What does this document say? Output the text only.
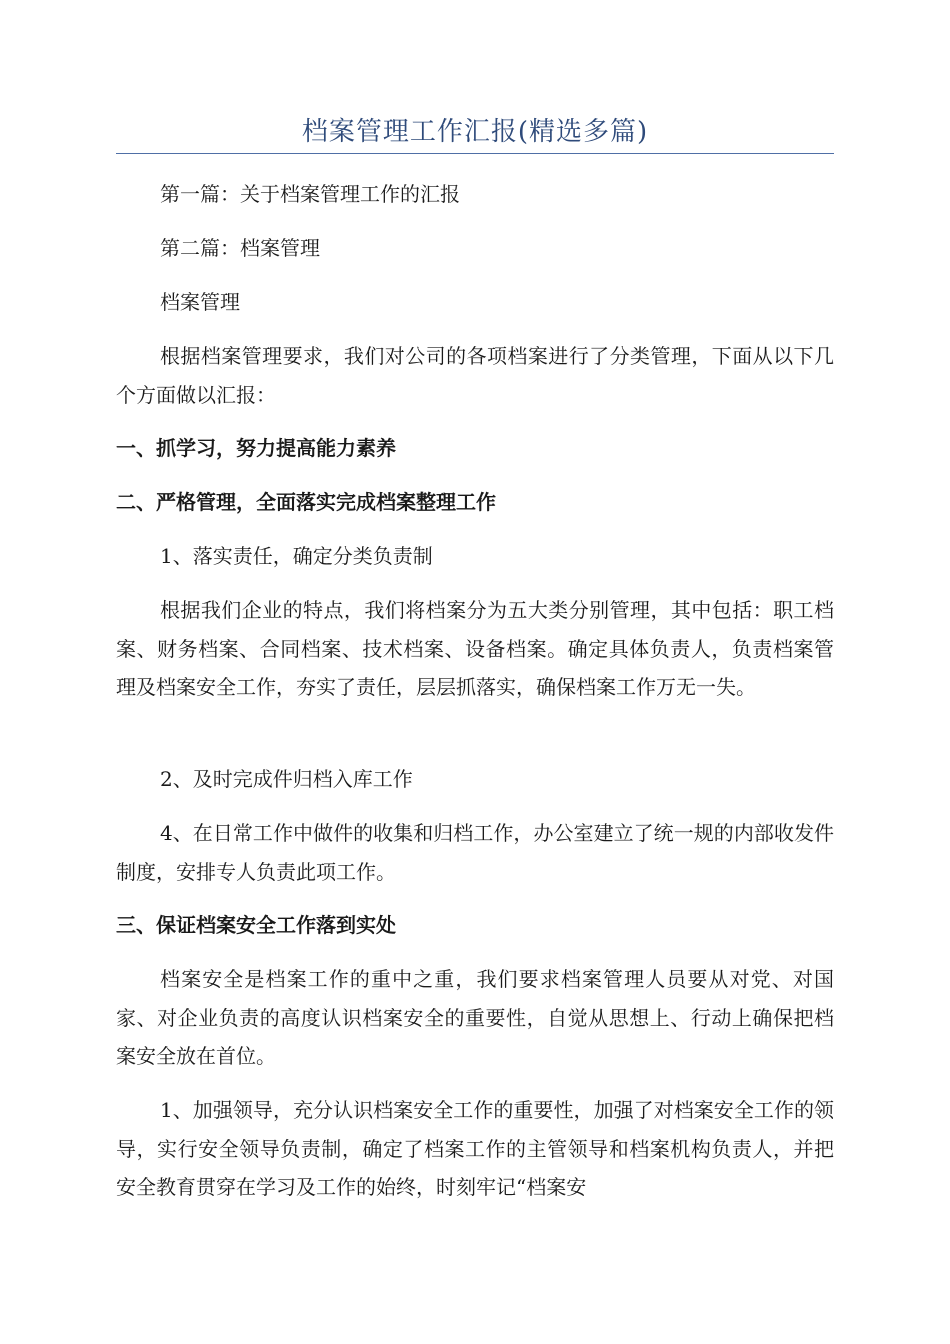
档案管理工作汇报(精选多篇)

第一篇：关于档案管理工作的汇报

第二篇：档案管理

档案管理

根据档案管理要求，我们对公司的各项档案进行了分类管理，下面从以下几个方面做以汇报：

一、抓学习，努力提高能力素养

二、严格管理，全面落实完成档案整理工作

1、落实责任，确定分类负责制

根据我们企业的特点，我们将档案分为五大类分别管理，其中包括：职工档案、财务档案、合同档案、技术档案、设备档案。确定具体负责人，负责档案管理及档案安全工作，夯实了责任，层层抓落实，确保档案工作万无一失。

2、及时完成件归档入库工作

4、在日常工作中做件的收集和归档工作，办公室建立了统一规的内部收发件制度，安排专人负责此项工作。

三、保证档案安全工作落到实处

档案安全是档案工作的重中之重，我们要求档案管理人员要从对党、对国家、对企业负责的高度认识档案安全的重要性，自觉从思想上、行动上确保把档案安全放在首位。

1、加强领导，充分认识档案安全工作的重要性，加强了对档案安全工作的领导，实行安全领导负责制，确定了档案工作的主管领导和档案机构负责人，并把安全教育贯穿在学习及工作的始终，时刻牢记“档案安
